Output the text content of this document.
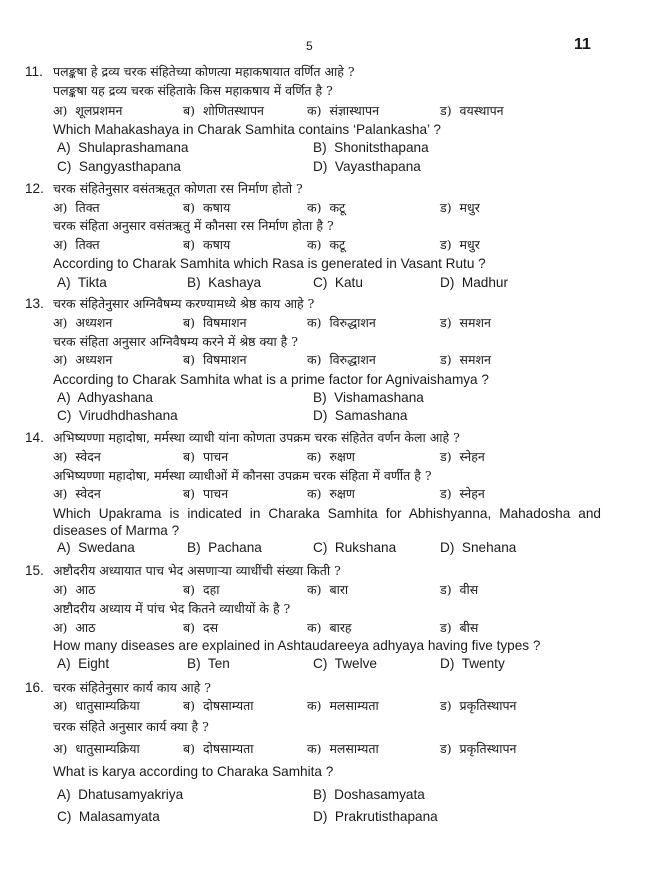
5	11
11. पलङ्कषा हे द्रव्य चरक संहितेच्या कोणत्या महाकषायात वर्णित आहे ?
पलङ्कषा यह द्रव्य चरक संहिताके किस महाकषाय में वर्णित है ?
अ) शूलप्रशमन	ब) शोणितस्थापन	क) संज्ञास्थापन	ड) वयस्थापन
Which Mahakashaya in Charak Samhita contains ‘Palankasha’ ?
A) Shulaprashamana	B) Shonitsthapana
C) Sangyasthapana	D) Vayasthapana
12. चरक संहितेनुसार वसंतऋतूत कोणता रस निर्माण होतो ?
अ) तिक्त	ब) कषाय	क) कटू	ड) मधुर
चरक संहिता अनुसार वसंतऋतु में कौनसा रस निर्माण होता है ?
अ) तिक्त	ब) कषाय	क) कटू	ड) मधुर
According to Charak Samhita which Rasa is generated in Vasant Rutu ?
A) Tikta	B) Kashaya	C) Katu	D) Madhur
13. चरक संहितेनुसार अग्निवैषम्य करण्यामध्ये श्रेष्ठ काय आहे ?
अ) अध्यशन	ब) विषमाशन	क) विरुद्धाशन	ड) समशन
चरक संहिता अनुसार अग्निवैषम्य करने में श्रेष्ठ क्या है ?
अ) अध्यशन	ब) विषमाशन	क) विरुद्धाशन	ड) समशन
According to Charak Samhita what is a prime factor for Agnivaishamya ?
A) Adhyashana	B) Vishamashana
C) Virudhdhashana	D) Samashana
14. अभिष्यण्णा महादोषा, मर्मस्था व्याधी यांना कोणता उपक्रम चरक संहितेत वर्णन केला आहे ?
अ) स्वेदन	ब) पाचन	क) रुक्षण	ड) स्नेहन
अभिष्यण्णा महादोषा, मर्मस्था व्याधीओं में कौनसा उपक्रम चरक संहिता में वर्णीत है ?
अ) स्वेदन	ब) पाचन	क) रुक्षण	ड) स्नेहन
Which Upakrama is indicated in Charaka Samhita for Abhishyanna, Mahadosha and
diseases of Marma ?
A) Swedana	B) Pachana	C) Rukshana	D) Snehana
15. अष्टौदरीय अध्यायात पाच भेद असणाऱ्या व्याधींची संख्या किती ?
अ) आठ	ब) दहा	क) बारा	ड) वीस
अष्टौदरीय अध्याय में पांच भेद कितने व्याधीयों के है ?
अ) आठ	ब) दस	क) बारह	ड) बीस
How many diseases are explained in Ashtaudareeya adhyaya having five types ?
A) Eight	B) Ten	C) Twelve	D) Twenty
16. चरक संहितेनुसार कार्य काय आहे ?
अ) धातुसाम्यक्रिया	ब) दोषसाम्यता	क) मलसाम्यता	ड) प्रकृतिस्थापन
चरक संहिते अनुसार कार्य क्या है ?
अ) धातुसाम्यक्रिया	ब) दोषसाम्यता	क) मलसाम्यता	ड) प्रकृतिस्थापन
What is karya according to Charaka Samhita ?
A) Dhatusamyakriya	B) Doshasamyata
C) Malasamyata	D) Prakrutisthapana
